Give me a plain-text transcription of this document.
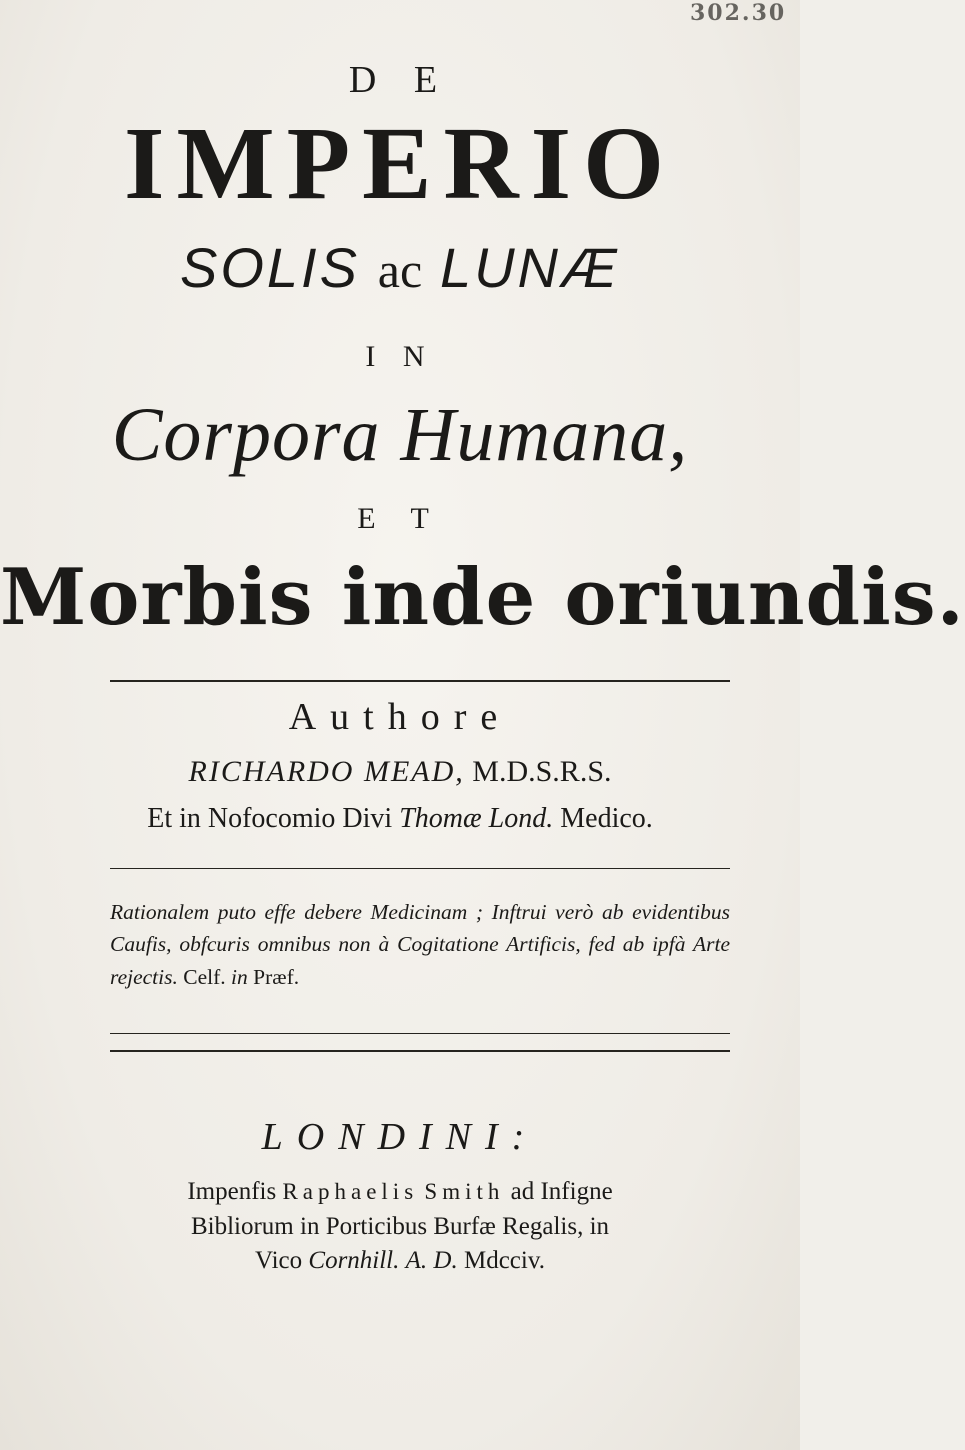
302.30
D E
IMPERIO
SOLIS ac LUNÆ
I N
Corpora Humana,
E T
Morbis inde oriundis.
Authore
RICHARDO MEAD, M.D.S.R.S.
Et in Nofocomio Divi Thomæ Lond. Medico.
Rationalem puto effe debere Medicinam ; Inftrui verò ab evidentibus Caufis, obfcuris omnibus non à Cogitatione Artificis, fed ab ipfà Arte rejectis. Celf. in Præf.
LONDINI:
Impenfis Raphaelis Smith ad Infigne
Bibliorum in Porticibus Burfæ Regalis, in
Vico Cornhill. A. D. Mdcciv.
